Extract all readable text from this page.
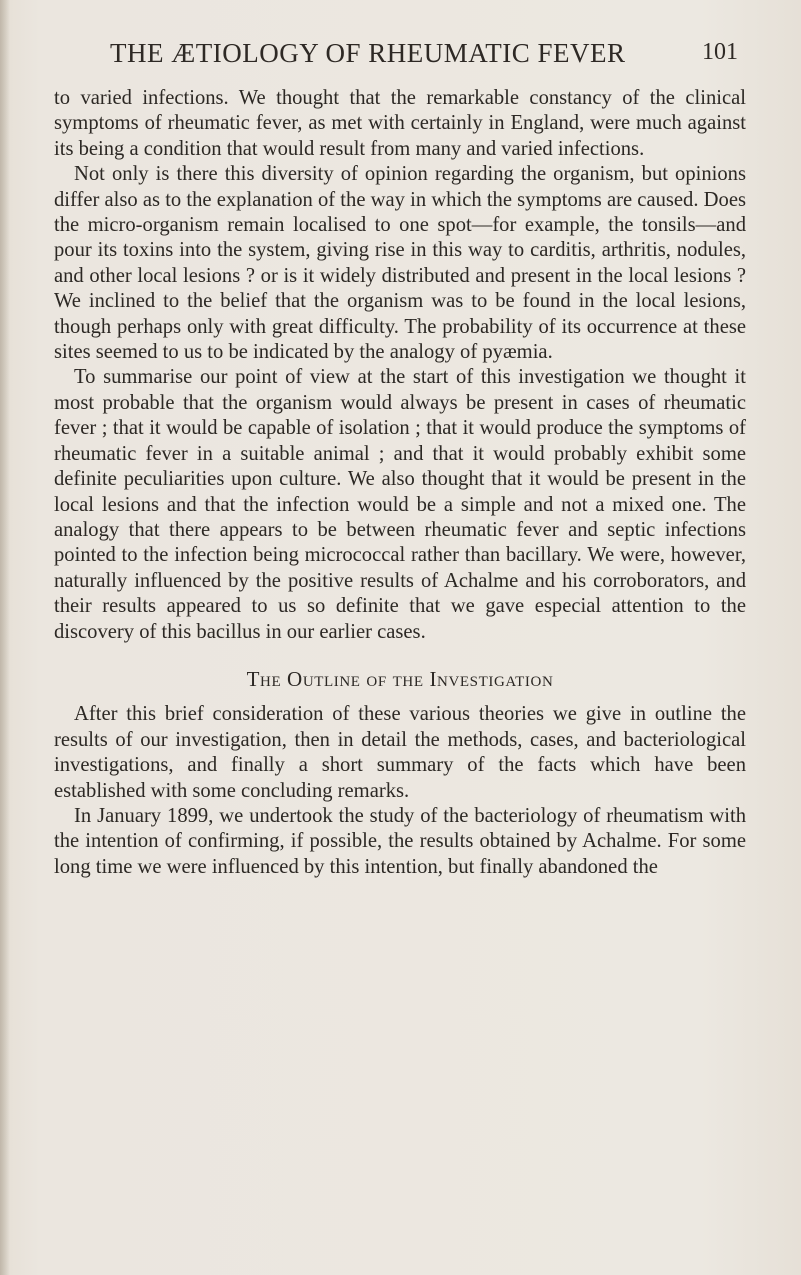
THE ÆTIOLOGY OF RHEUMATIC FEVER	101

to varied infections. We thought that the remarkable constancy of the clinical symptoms of rheumatic fever, as met with certainly in England, were much against its being a condition that would result from many and varied infections.

Not only is there this diversity of opinion regarding the organism, but opinions differ also as to the explanation of the way in which the symptoms are caused. Does the micro-organism remain localised to one spot—for example, the tonsils—and pour its toxins into the system, giving rise in this way to carditis, arthritis, nodules, and other local lesions ? or is it widely distributed and present in the local lesions ? We inclined to the belief that the organism was to be found in the local lesions, though perhaps only with great difficulty. The probability of its occurrence at these sites seemed to us to be indicated by the analogy of pyæmia.

To summarise our point of view at the start of this investigation we thought it most probable that the organism would always be present in cases of rheumatic fever ; that it would be capable of isolation ; that it would produce the symptoms of rheumatic fever in a suitable animal ; and that it would probably exhibit some definite peculiarities upon culture. We also thought that it would be present in the local lesions and that the infection would be a simple and not a mixed one. The analogy that there appears to be between rheumatic fever and septic infections pointed to the infection being micrococcal rather than bacillary. We were, however, naturally influenced by the positive results of Achalme and his corroborators, and their results appeared to us so definite that we gave especial attention to the discovery of this bacillus in our earlier cases.

The Outline of the Investigation

After this brief consideration of these various theories we give in outline the results of our investigation, then in detail the methods, cases, and bacteriological investigations, and finally a short summary of the facts which have been established with some concluding remarks.

In January 1899, we undertook the study of the bacteriology of rheumatism with the intention of confirming, if possible, the results obtained by Achalme. For some long time we were influenced by this intention, but finally abandoned the
